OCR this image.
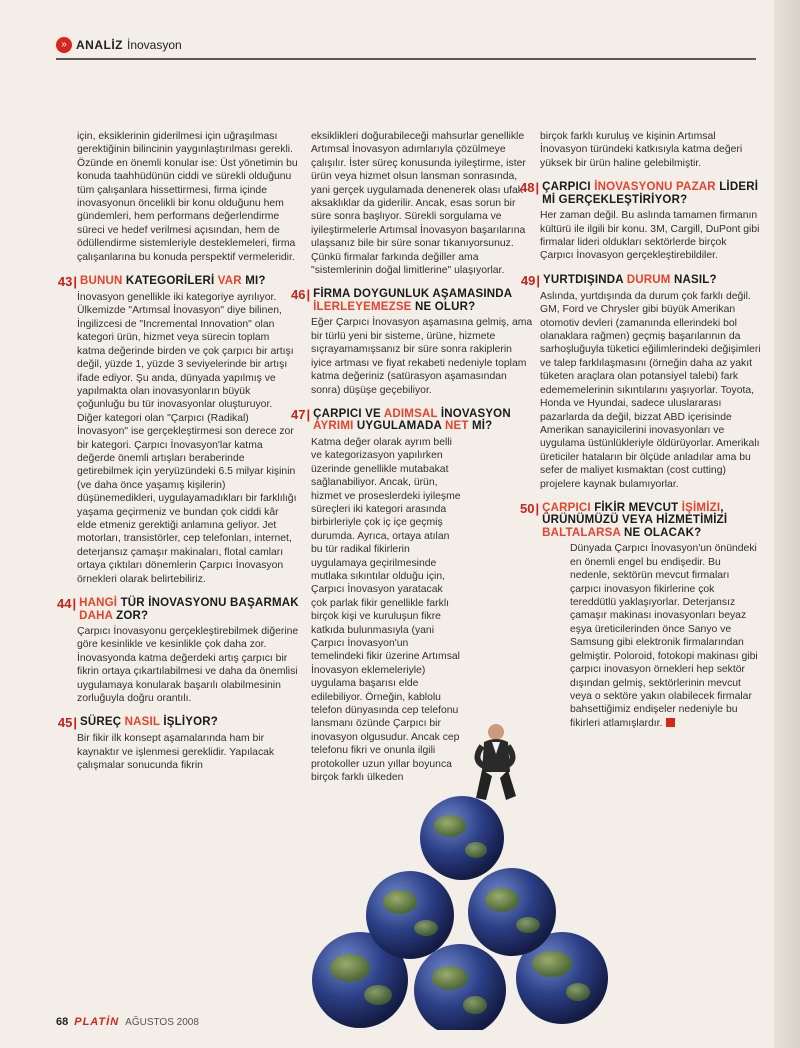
» ANALİZ İnovasyon

için, eksiklerinin giderilmesi için uğraşılması gerektiğinin bilincinin yaygınlaştırılması gerekli. Özünde en önemli konular ise: Üst yönetimin bu konuda taahhüdünün ciddi ve sürekli olduğunu tüm çalışanlara hissettirmesi, firma içinde inovasyonun öncelikli bir konu olduğunu hem gündemleri, hem performans değerlendirme süreci ve hedef verilmesi açısından, hem de ödüllendirme sistemleriyle desteklemeleri, firma çalışanlarına bu konuda perspektif vermeleridir.

43 | BUNUN KATEGORİLERİ VAR MI?

İnovasyon genellikle iki kategoriye ayrılıyor. Ülkemizde "Artımsal İnovasyon" diye bilinen, İngilizcesi de "Incremental Innovation" olan kategori ürün, hizmet veya sürecin toplam katma değerinde birden ve çok çarpıcı bir artışı değil, yüzde 1, yüzde 3 seviyelerinde bir artışı ifade ediyor. Şu anda, dünyada yapılmış ve yapılmakta olan inovasyonların büyük çoğunluğu bu tür inovasyonlar oluşturuyor. Diğer kategori olan "Çarpıcı (Radikal) İnovasyon" ise gerçekleştirmesi son derece zor bir kategori. Çarpıcı İnovasyon'lar katma değerde önemli artışları beraberinde getirebilmek için yeryüzündeki 6.5 milyar kişinin (ve daha önce yaşamış kişilerin) düşünemedikleri, uygulayamadıkları bir farklılığı yaşama geçirmeniz ve bundan çok ciddi kâr elde etmeniz gerektiği anlamına geliyor. Jet motorları, transistörler, cep telefonları, internet, deterjansız çamaşır makinaları, flotal camları ortaya çıktıları dönemlerin Çarpıcı İnovasyon örnekleri olarak belirtebiliriz.

44 | HANGİ TÜR İNOVASYONU BAŞARMAK DAHA ZOR?

Çarpıcı İnovasyonu gerçekleştirebilmek diğerine göre kesinlikle ve kesinlikle çok daha zor. İnovasyonda katma değerdeki artış çarpıcı bir fikrin ortaya çıkartılabilmesi ve daha da önemlisi uygulamaya konularak başarılı olabilmesinin zorluğuyla doğru orantılı.

45 | SÜREÇ NASIL İŞLİYOR?

Bir fikir ilk konsept aşamalarında ham bir kaynaktır ve işlenmesi gereklidir. Yapılacak çalışmalar sonucunda fikrin

eksiklikleri doğurabileceği mahsurlar genellikle Artımsal İnovasyon adımlarıyla çözülmeye çalışılır. İster süreç konusunda iyileştirme, ister ürün veya hizmet olsun lansman sonrasında, yani gerçek uygulamada denenerek olası ufak aksaklıklar da giderilir. Ancak, esas sorun bir süre sonra başlıyor. Sürekli sorgulama ve iyileştirmelerle Artımsal İnovasyon başarılarına ulaşsanız bile bir süre sonar tıkanıyorsunuz. Çünkü firmalar farkında değiller ama "sistemlerinin doğal limitlerine" ulaşıyorlar.

46 | FİRMA DOYGUNLUK AŞAMASINDA İLERLEYEMEZSE NE OLUR?

Eğer Çarpıcı İnovasyon aşamasına gelmiş, ama bir türlü yeni bir sisteme, ürüne, hizmete sıçrayamamışsanız bir süre sonra rakiplerin iyice artması ve fiyat rekabeti nedeniyle toplam katma değeriniz (satürasyon aşamasından sonra) düşüşe geçebiliyor.

47 | ÇARPICI VE ADIMSAL İNOVASYON AYRIMI UYGULAMADA NET Mİ?

Katma değer olarak ayrım belli ve kategorizasyon yapılırken üzerinde genellikle mutabakat sağlanabiliyor. Ancak, ürün, hizmet ve proseslerdeki iyileşme süreçleri iki kategori arasında birbirleriyle çok iç içe geçmiş durumda. Ayrıca, ortaya atılan bu tür radikal fikirlerin uygulamaya geçirilmesinde mutlaka sıkıntılar olduğu için, Çarpıcı İnovasyon yaratacak çok parlak fikir genellikle farklı birçok kişi ve kuruluşun fikre katkıda bulunmasıyla (yani Çarpıcı İnovasyon'un temelindeki fikir üzerine Artımsal İnovasyon eklemeleriyle) uygulama başarısı elde edilebiliyor. Örneğin, kablolu telefon dünyasında cep telefonu lansmanı özünde Çarpıcı bir inovasyon olgusudur. Ancak cep telefonu fikri ve onunla ilgili protokoller uzun yıllar boyunca birçok farklı ülkeden

birçok farklı kuruluş ve kişinin Artımsal İnovasyon türündeki katkısıyla katma değeri yüksek bir ürün haline gelebilmiştir.

48 | ÇARPICI İNOVASYONU PAZAR LİDERİ Mİ GERÇEKLEŞTİRİYOR?

Her zaman değil. Bu aslında tamamen firmanın kültürü ile ilgili bir konu. 3M, Cargill, DuPont gibi firmalar lideri oldukları sektörlerde birçok Çarpıcı İnovasyon gerçekleştirebildiler.

49 | YURTDIŞINDA DURUM NASIL?

Aslında, yurtdışında da durum çok farklı değil. GM, Ford ve Chrysler gibi büyük Amerikan otomotiv devleri (zamanında ellerindeki bol olanaklara rağmen) geçmiş başarılarının da sarhoşluğuyla tüketici eğilimlerindeki değişimleri ve talep farklılaşmasını (örneğin daha az yakıt tüketen araçlara olan potansiyel talebi) fark edememelerinin sıkıntılarını yaşıyorlar. Toyota, Honda ve Hyundai, sadece uluslararası pazarlarda da değil, bizzat ABD içerisinde Amerikan sanayicilerini inovasyonları ve uygulama üstünlükleriyle öldürüyorlar. Amerikalı üreticiler hataların bir ölçüde anladılar ama bu sefer de maliyet kısmaktan (cost cutting) projelere kaynak bulamıyorlar.

50 | ÇARPICI FİKİR MEVCUT İŞİMİZI, ÜRÜNÜMÜZÜ VEYA HİZMETİMİZİ BALTALARSA NE OLACAK?

Dünyada Çarpıcı İnovasyon'un önündeki en önemli engel bu endişedir. Bu nedenle, sektörün mevcut firmaları çarpıcı inovasyon fikirlerine çok tereddütlü yaklaşıyorlar. Deterjansız çamaşır makinası inovasyonları beyaz eşya üreticilerinden önce Sanyo ve Samsung gibi elektronik firmalarından gelmiştir. Poloroid, fotokopi makinası gibi çarpıcı inovasyon örnekleri hep sektör dışından gelmiş, sektörlerinin mevcut veya o sektöre yakın olabilecek firmalar bahsettiğimiz endişeler nedeniyle bu fikirleri atlamışlardır.

68 PLATİN AĞUSTOS 2008
